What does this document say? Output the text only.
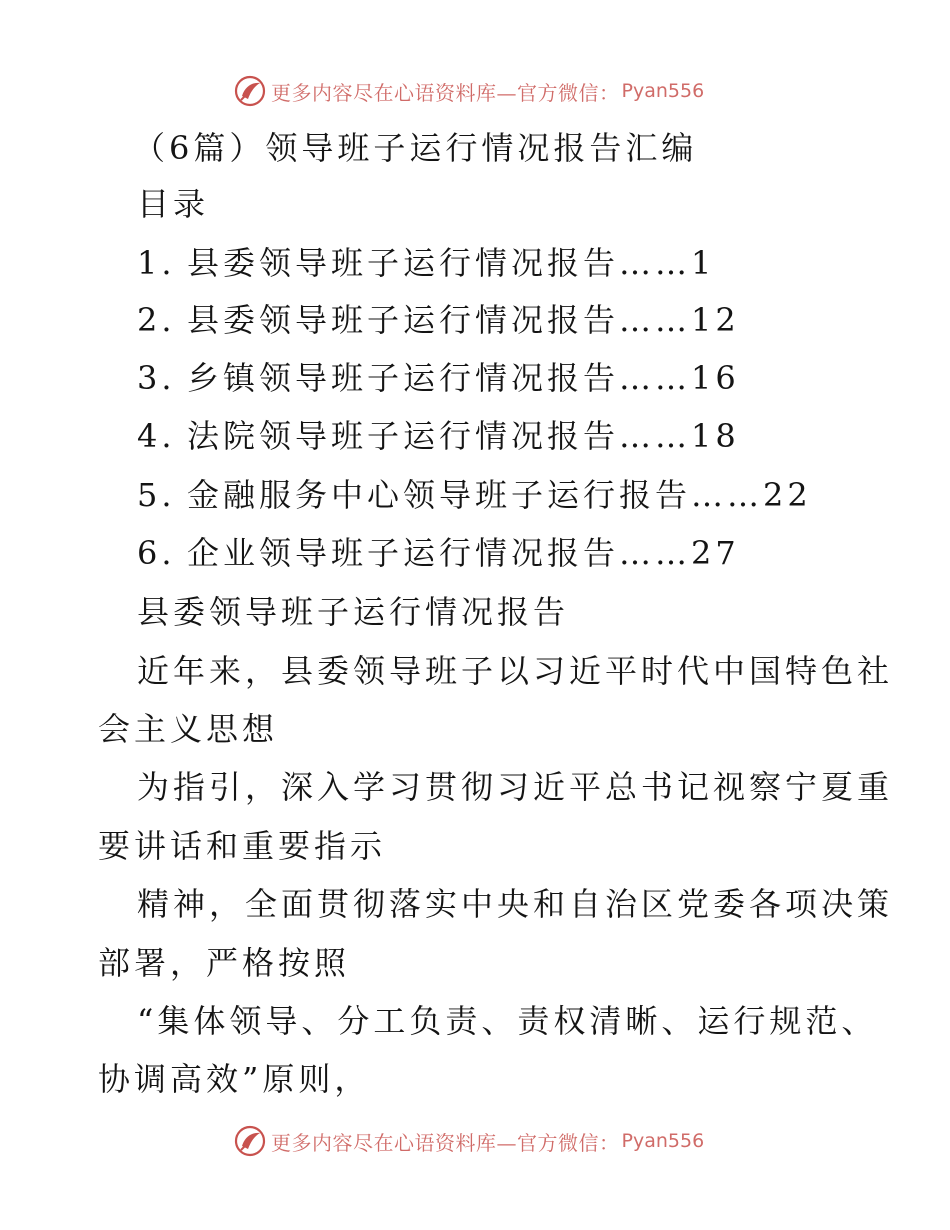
更多内容尽在心语资料库—官方微信： Pyan556
（6篇）领导班子运行情况报告汇编
目录
1. 县委领导班子运行情况报告……1
2. 县委领导班子运行情况报告……12
3. 乡镇领导班子运行情况报告……16
4. 法院领导班子运行情况报告……18
5. 金融服务中心领导班子运行报告……22
6. 企业领导班子运行情况报告……27
县委领导班子运行情况报告
近年来，县委领导班子以习近平时代中国特色社
会主义思想
为指引，深入学习贯彻习近平总书记视察宁夏重
要讲话和重要指示
精神，全面贯彻落实中央和自治区党委各项决策
部署，严格按照
“集体领导、分工负责、责权清晰、运行规范、
协调高效”原则，
更多内容尽在心语资料库—官方微信： Pyan556
